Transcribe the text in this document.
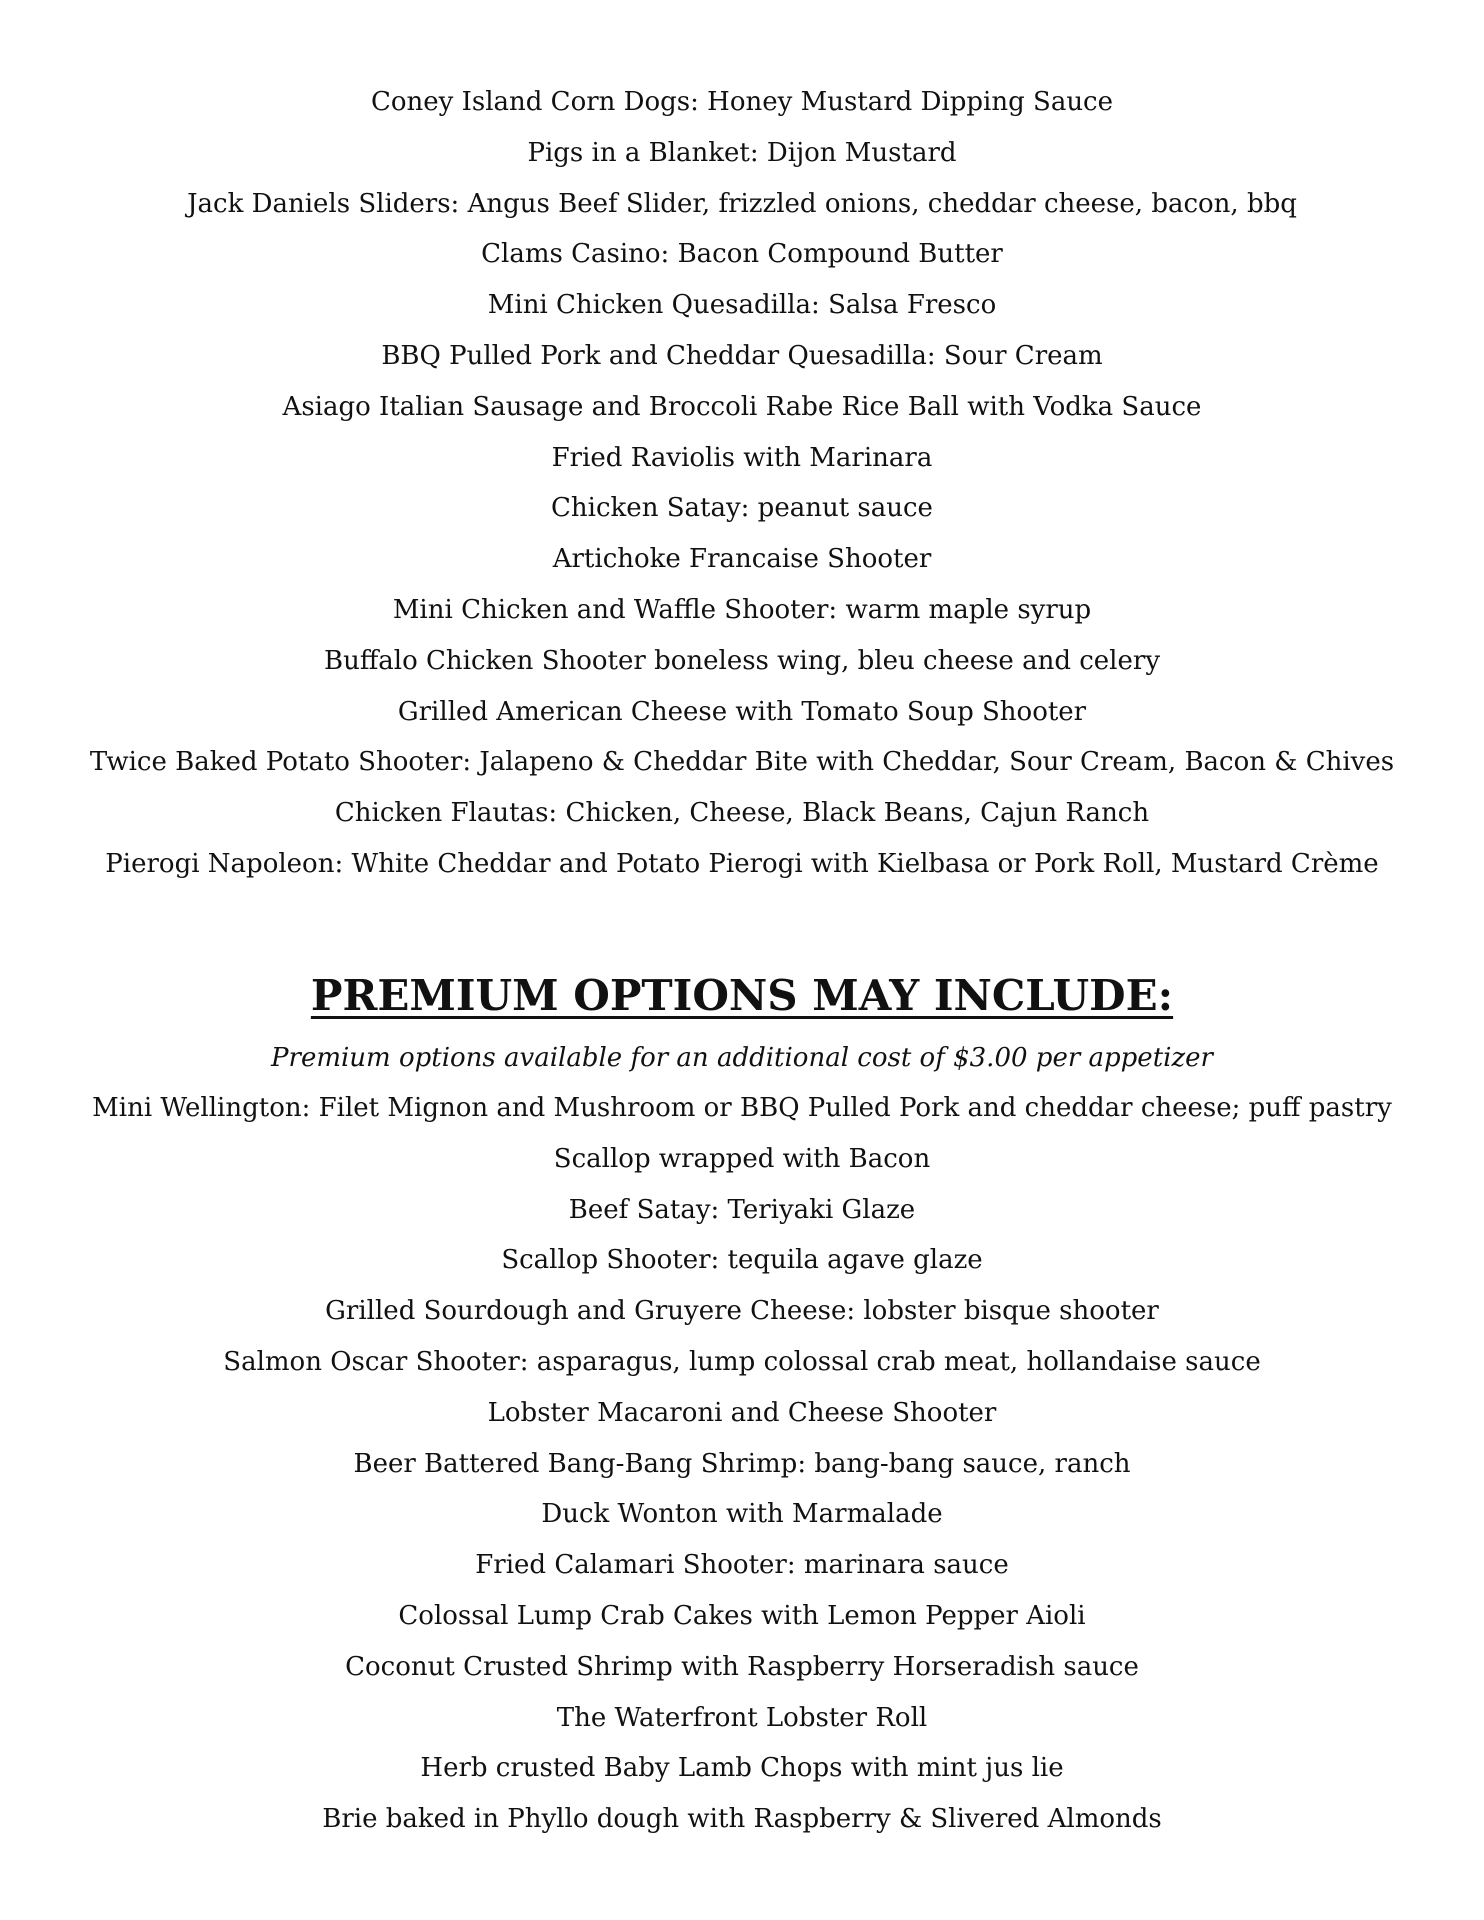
Coney Island Corn Dogs: Honey Mustard Dipping Sauce
Pigs in a Blanket: Dijon Mustard
Jack Daniels Sliders: Angus Beef Slider, frizzled onions, cheddar cheese, bacon, bbq
Clams Casino: Bacon Compound Butter
Mini Chicken Quesadilla: Salsa Fresco
BBQ Pulled Pork and Cheddar Quesadilla: Sour Cream
Asiago Italian Sausage and Broccoli Rabe Rice Ball with Vodka Sauce
Fried Raviolis with Marinara
Chicken Satay: peanut sauce
Artichoke Francaise Shooter
Mini Chicken and Waffle Shooter: warm maple syrup
Buffalo Chicken Shooter boneless wing, bleu cheese and celery
Grilled American Cheese with Tomato Soup Shooter
Twice Baked Potato Shooter: Jalapeno & Cheddar Bite with Cheddar, Sour Cream, Bacon & Chives
Chicken Flautas: Chicken, Cheese, Black Beans, Cajun Ranch
Pierogi Napoleon: White Cheddar and Potato Pierogi with Kielbasa or Pork Roll, Mustard Crème
PREMIUM OPTIONS MAY INCLUDE:
Premium options available for an additional cost of $3.00 per appetizer
Mini Wellington: Filet Mignon and Mushroom or BBQ Pulled Pork and cheddar cheese; puff pastry
Scallop wrapped with Bacon
Beef Satay: Teriyaki Glaze
Scallop Shooter: tequila agave glaze
Grilled Sourdough and Gruyere Cheese: lobster bisque shooter
Salmon Oscar Shooter: asparagus, lump colossal crab meat, hollandaise sauce
Lobster Macaroni and Cheese Shooter
Beer Battered Bang-Bang Shrimp: bang-bang sauce, ranch
Duck Wonton with Marmalade
Fried Calamari Shooter: marinara sauce
Colossal Lump Crab Cakes with Lemon Pepper Aioli
Coconut Crusted Shrimp with Raspberry Horseradish sauce
The Waterfront Lobster Roll
Herb crusted Baby Lamb Chops with mint jus lie
Brie baked in Phyllo dough with Raspberry & Slivered Almonds
